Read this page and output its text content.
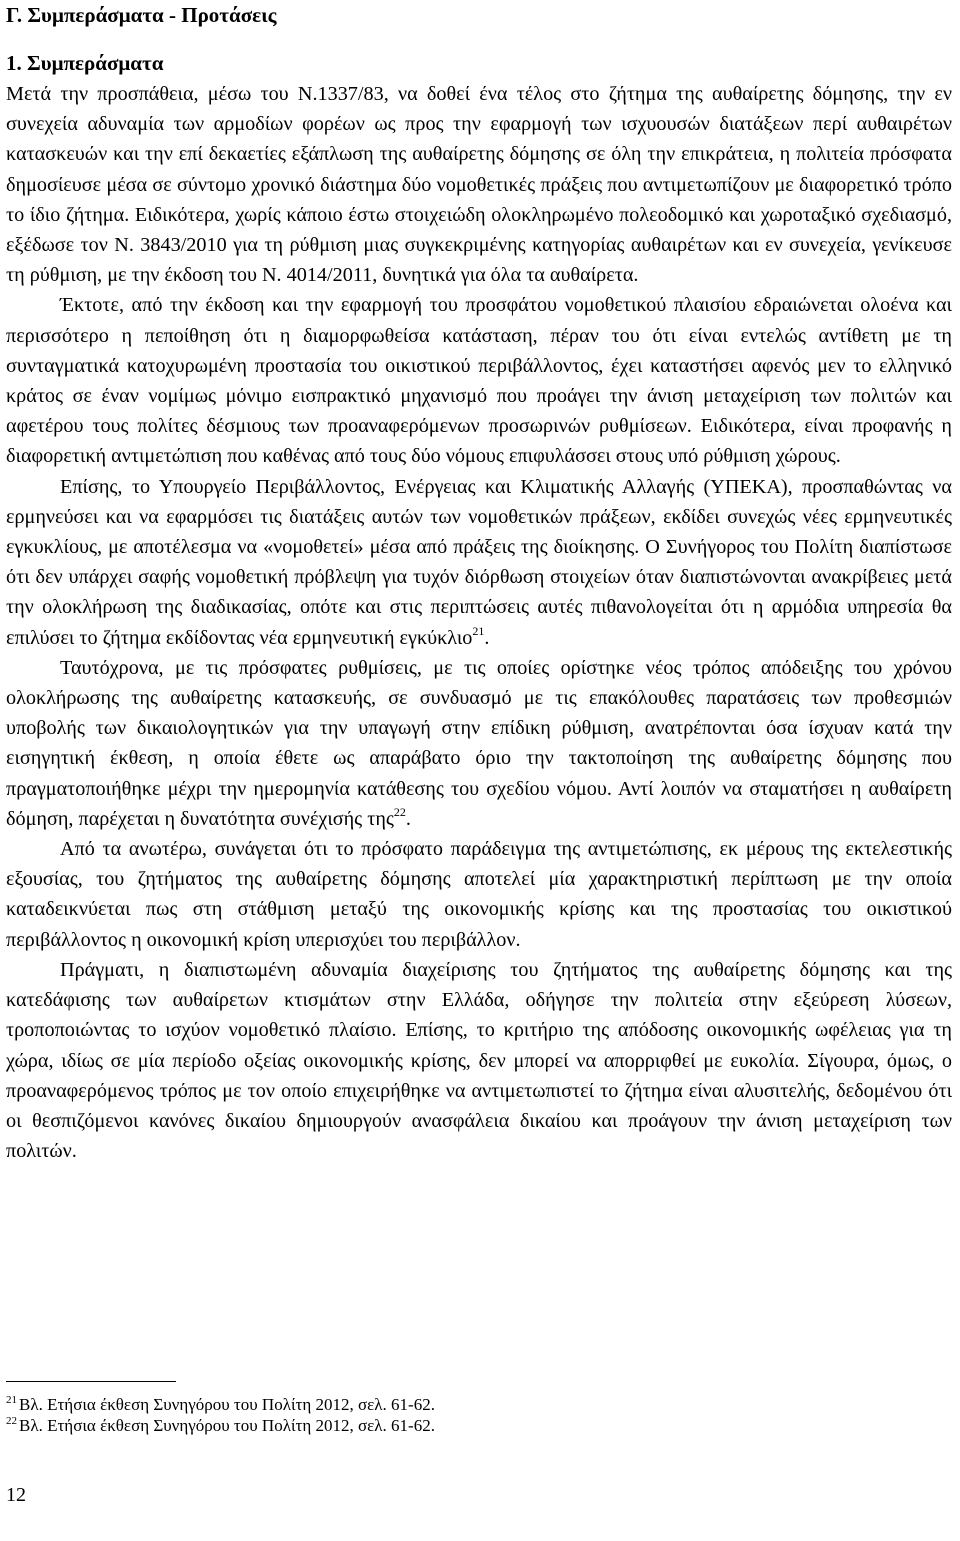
Γ. Συμπεράσματα - Προτάσεις
1. Συμπεράσματα

Μετά την προσπάθεια, μέσω του Ν.1337/83, να δοθεί ένα τέλος στο ζήτημα της αυθαίρετης δόμησης, την εν συνεχεία αδυναμία των αρμοδίων φορέων ως προς την εφαρμογή των ισχυουσών διατάξεων περί αυθαιρέτων κατασκευών και την επί δεκαετίες εξάπλωση της αυθαίρετης δόμησης σε όλη την επικράτεια, η πολιτεία πρόσφατα δημοσίευσε μέσα σε σύντομο χρονικό διάστημα δύο νομοθετικές πράξεις που αντιμετωπίζουν με διαφορετικό τρόπο το ίδιο ζήτημα. Ειδικότερα, χωρίς κάποιο έστω στοιχειώδη ολοκληρωμένο πολεοδομικό και χωροταξικό σχεδιασμό, εξέδωσε τον Ν. 3843/2010 για τη ρύθμιση μιας συγκεκριμένης κατηγορίας αυθαιρέτων και εν συνεχεία, γενίκευσε τη ρύθμιση, με την έκδοση του Ν. 4014/2011, δυνητικά για όλα τα αυθαίρετα.

Έκτοτε, από την έκδοση και την εφαρμογή του προσφάτου νομοθετικού πλαισίου εδραιώνεται ολοένα και περισσότερο η πεποίθηση ότι η διαμορφωθείσα κατάσταση, πέραν του ότι είναι εντελώς αντίθετη με τη συνταγματικά κατοχυρωμένη προστασία του οικιστικού περιβάλλοντος, έχει καταστήσει αφενός μεν το ελληνικό κράτος σε έναν νομίμως μόνιμο εισπρακτικό μηχανισμό που προάγει την άνιση μεταχείριση των πολιτών και αφετέρου τους πολίτες δέσμιους των προαναφερόμενων προσωρινών ρυθμίσεων. Ειδικότερα, είναι προφανής η διαφορετική αντιμετώπιση που καθένας από τους δύο νόμους επιφυλάσσει στους υπό ρύθμιση χώρους.

Επίσης, το Υπουργείο Περιβάλλοντος, Ενέργειας και Κλιματικής Αλλαγής (ΥΠΕΚΑ), προσπαθώντας να ερμηνεύσει και να εφαρμόσει τις διατάξεις αυτών των νομοθετικών πράξεων, εκδίδει συνεχώς νέες ερμηνευτικές εγκυκλίους, με αποτέλεσμα να «νομοθετεί» μέσα από πράξεις της διοίκησης. Ο Συνήγορος του Πολίτη διαπίστωσε ότι δεν υπάρχει σαφής νομοθετική πρόβλεψη για τυχόν διόρθωση στοιχείων όταν διαπιστώνονται ανακρίβειες μετά την ολοκλήρωση της διαδικασίας, οπότε και στις περιπτώσεις αυτές πιθανολογείται ότι η αρμόδια υπηρεσία θα επιλύσει το ζήτημα εκδίδοντας νέα ερμηνευτική εγκύκλιο$^{21}$.

Ταυτόχρονα, με τις πρόσφατες ρυθμίσεις, με τις οποίες ορίστηκε νέος τρόπος απόδειξης του χρόνου ολοκλήρωσης της αυθαίρετης κατασκευής, σε συνδυασμό με τις επακόλουθες παρατάσεις των προθεσμιών υποβολής των δικαιολογητικών για την υπαγωγή στην επίδικη ρύθμιση, ανατρέπονται όσα ίσχυαν κατά την εισηγητική έκθεση, η οποία έθετε ως απαράβατο όριο την τακτοποίηση της αυθαίρετης δόμησης που πραγματοποιήθηκε μέχρι την ημερομηνία κατάθεσης του σχεδίου νόμου. Αντί λοιπόν να σταματήσει η αυθαίρετη δόμηση, παρέχεται η δυνατότητα συνέχισής της$^{22}$.

Από τα ανωτέρω, συνάγεται ότι το πρόσφατο παράδειγμα της αντιμετώπισης, εκ μέρους της εκτελεστικής εξουσίας, του ζητήματος της αυθαίρετης δόμησης αποτελεί μία χαρακτηριστική περίπτωση με την οποία καταδεικνύεται πως στη στάθμιση μεταξύ της οικονομικής κρίσης και της προστασίας του οικιστικού περιβάλλοντος η οικονομική κρίση υπερισχύει του περιβάλλον.

Πράγματι, η διαπιστωμένη αδυναμία διαχείρισης του ζητήματος της αυθαίρετης δόμησης και της κατεδάφισης των αυθαίρετων κτισμάτων στην Ελλάδα, οδήγησε την πολιτεία στην εξεύρεση λύσεων, τροποποιώντας το ισχύον νομοθετικό πλαίσιο. Επίσης, το κριτήριο της απόδοσης οικονομικής ωφέλειας για τη χώρα, ιδίως σε μία περίοδο οξείας οικονομικής κρίσης, δεν μπορεί να απορριφθεί με ευκολία. Σίγουρα, όμως, ο προαναφερόμενος τρόπος με τον οποίο επιχειρήθηκε να αντιμετωπιστεί το ζήτημα είναι αλυσιτελής, δεδομένου ότι οι θεσπιζόμενοι κανόνες δικαίου δημιουργούν ανασφάλεια δικαίου και προάγουν την άνιση μεταχείριση των πολιτών.

$^{21}$ Βλ. Ετήσια έκθεση Συνηγόρου του Πολίτη 2012, σελ. 61-62.
$^{22}$ Βλ. Ετήσια έκθεση Συνηγόρου του Πολίτη 2012, σελ. 61-62.
12
